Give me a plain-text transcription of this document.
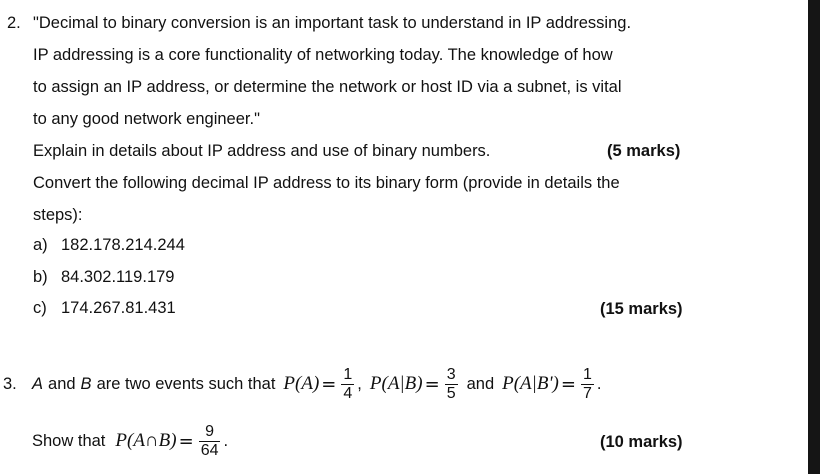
2. "Decimal to binary conversion is an important task to understand in IP addressing.
IP addressing is a core functionality of networking today. The knowledge of how
to assign an IP address, or determine the network or host ID via a subnet, is vital
to any good network engineer."
Explain in details about IP address and use of binary numbers.	(5 marks)
Convert the following decimal IP address to its binary form (provide in details the
steps):
a) 182.178.214.244
b) 84.302.119.179
c) 174.267.81.431	(15 marks)
3. A and B are two events such that $P(A) = \frac{1}{4}$ , $P(A|B) = \frac{3}{5}$ and $P(A|B') = \frac{1}{7}$ .
Show that P(A∩B) = $\frac{9}{64}$ .	(10 marks)
